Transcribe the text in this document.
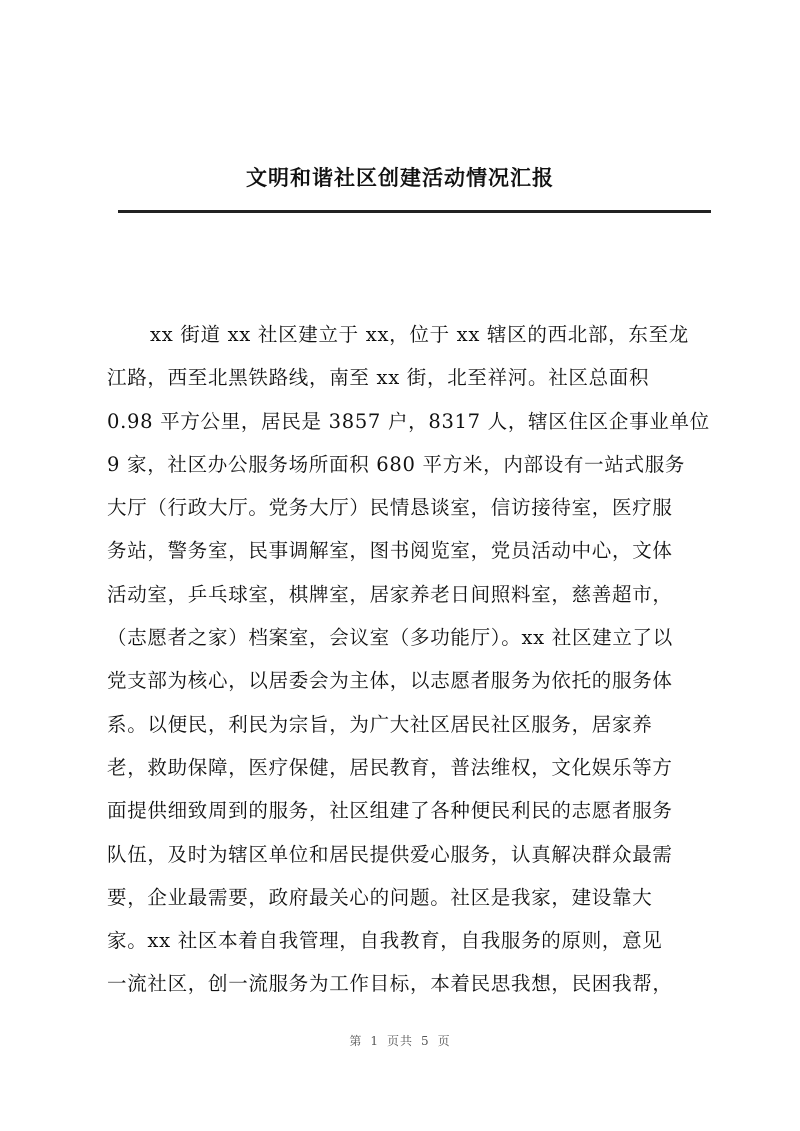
文明和谐社区创建活动情况汇报
xx 街道 xx 社区建立于 xx，位于 xx 辖区的西北部，东至龙
江路，西至北黑铁路线，南至 xx 街，北至祥河。社区总面积
0.98 平方公里，居民是 3857 户，8317 人，辖区住区企事业单位
9 家，社区办公服务场所面积 680 平方米，内部设有一站式服务
大厅（行政大厅。党务大厅）民情恳谈室，信访接待室，医疗服
务站，警务室，民事调解室，图书阅览室，党员活动中心，文体
活动室，乒乓球室，棋牌室，居家养老日间照料室，慈善超市，
（志愿者之家）档案室，会议室（多功能厅）。xx 社区建立了以
党支部为核心，以居委会为主体，以志愿者服务为依托的服务体
系。以便民，利民为宗旨，为广大社区居民社区服务，居家养
老，救助保障，医疗保健，居民教育，普法维权，文化娱乐等方
面提供细致周到的服务，社区组建了各种便民利民的志愿者服务
队伍，及时为辖区单位和居民提供爱心服务，认真解决群众最需
要，企业最需要，政府最关心的问题。社区是我家，建设靠大
家。xx 社区本着自我管理，自我教育，自我服务的原则，意见
一流社区，创一流服务为工作目标，本着民思我想，民困我帮，
第 1 页共 5 页
